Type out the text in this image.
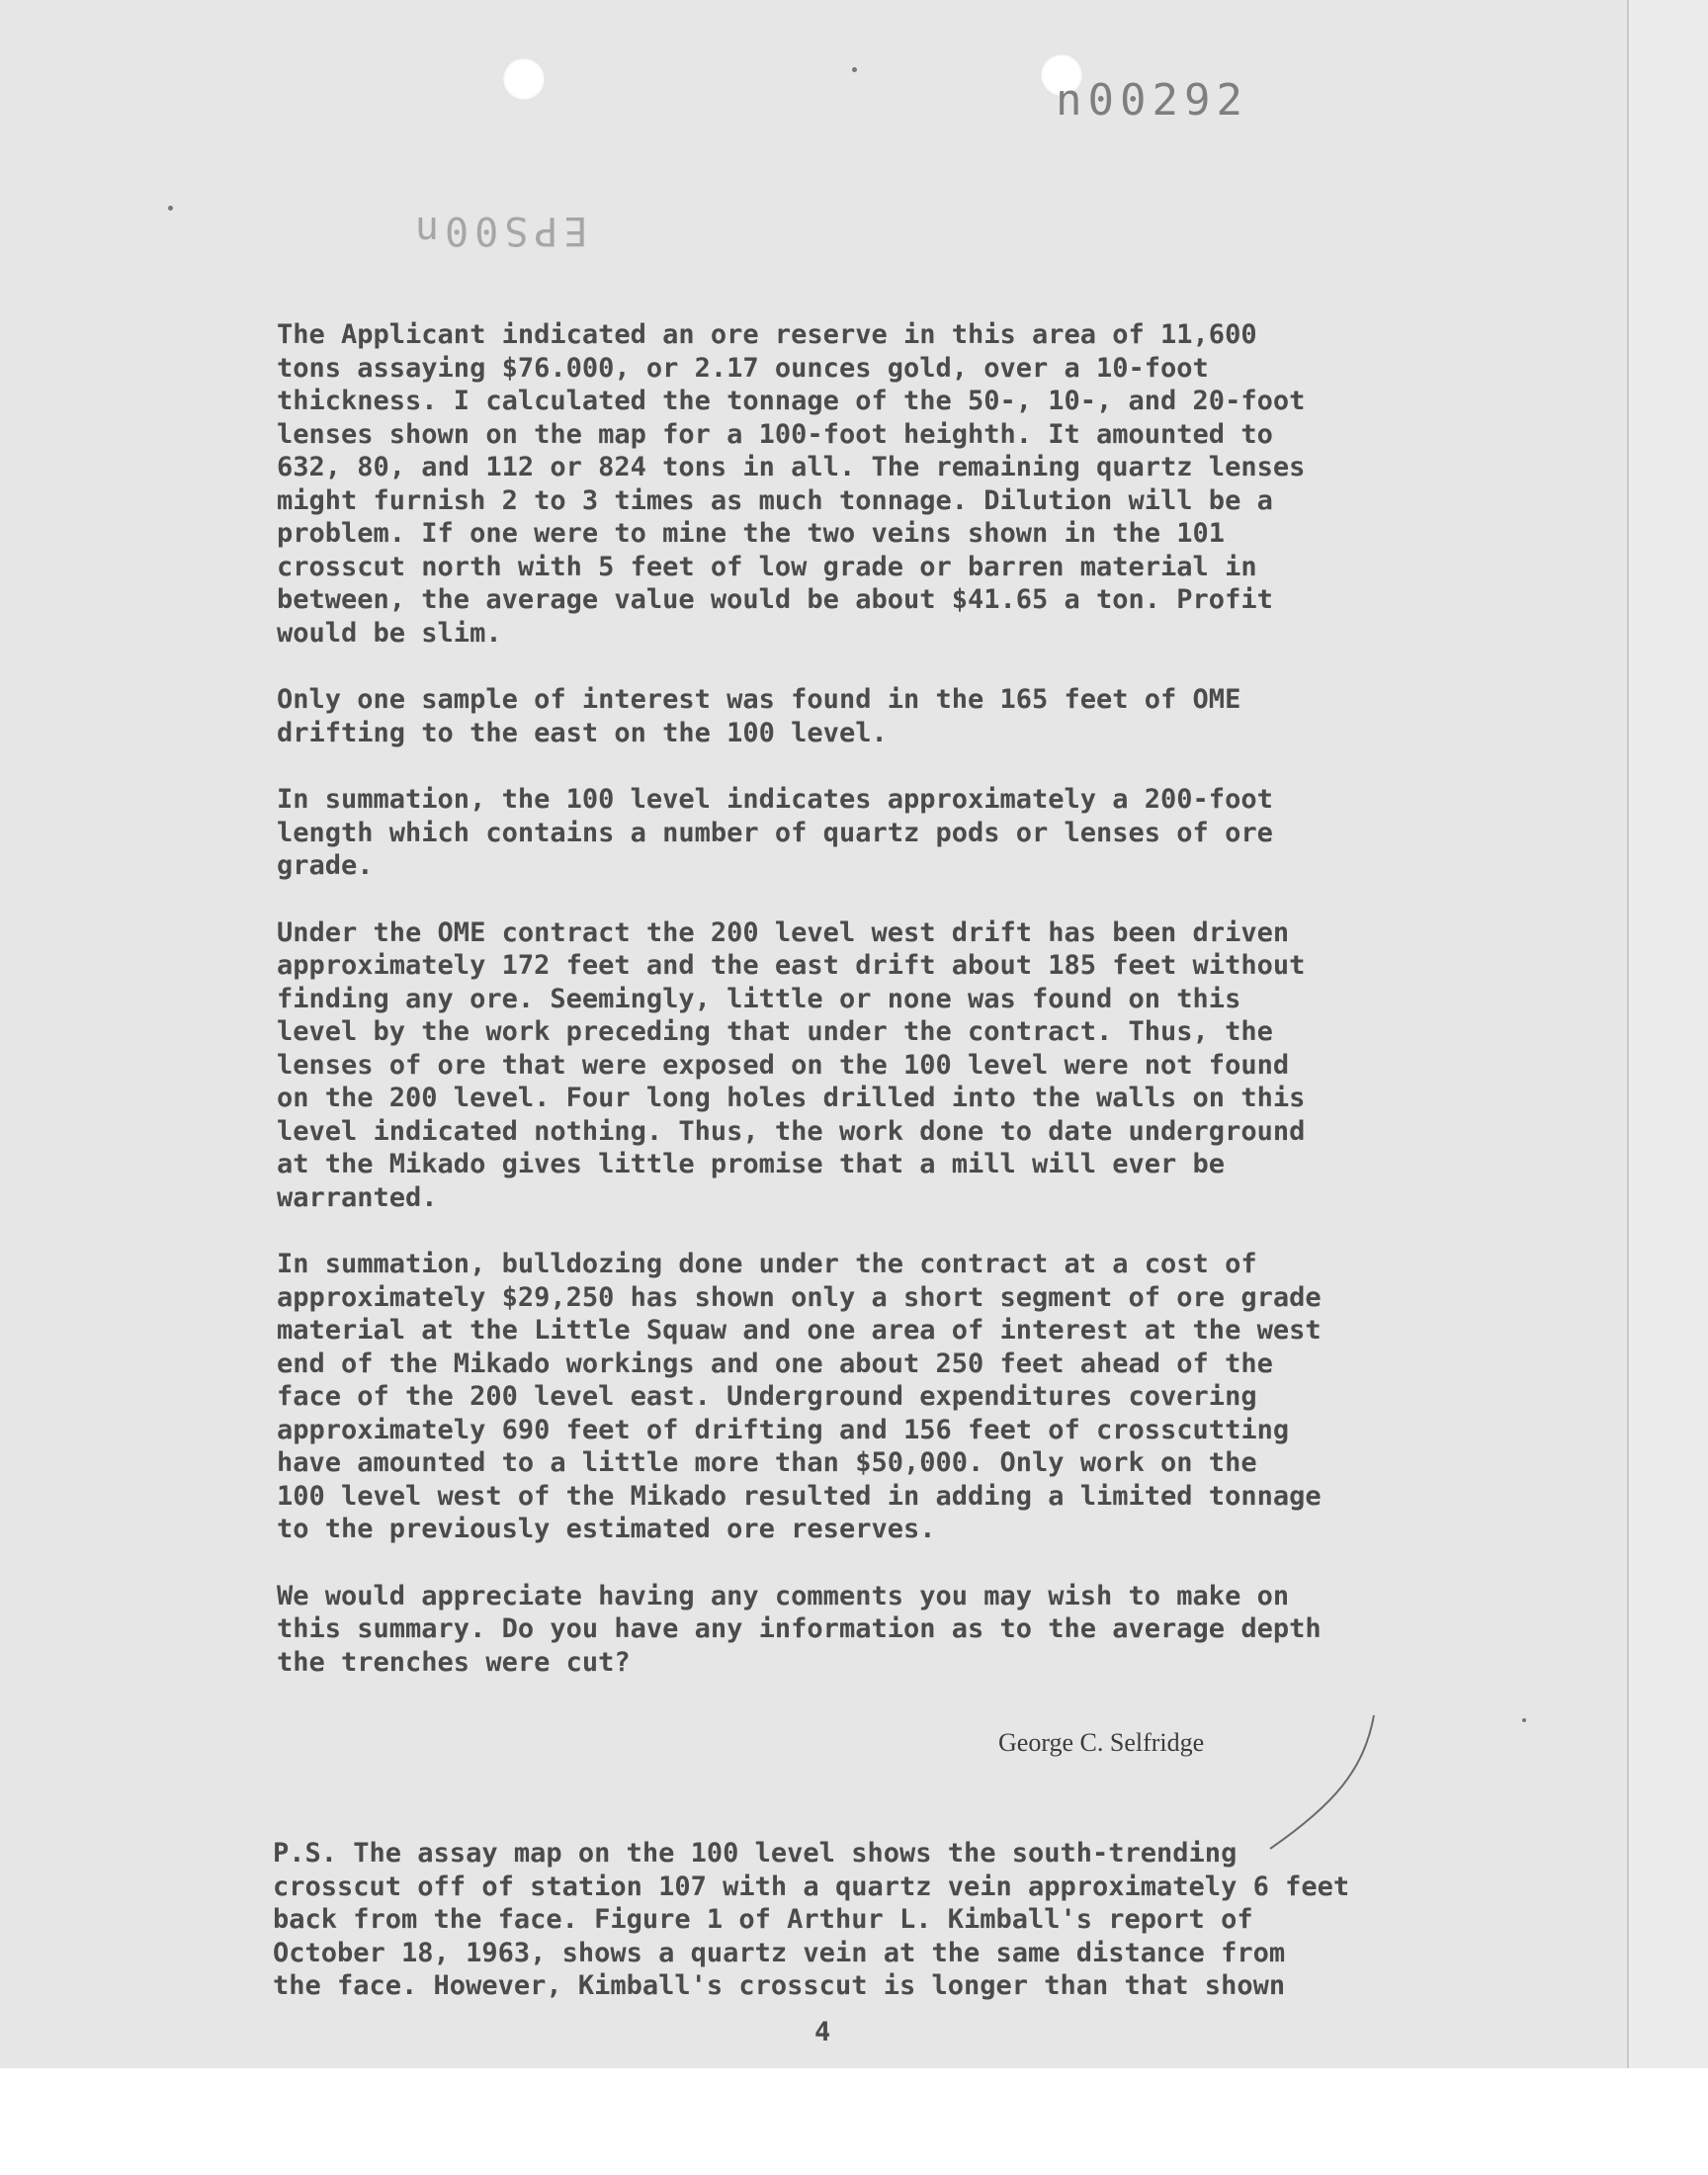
n00292
EPS00n

The Applicant indicated an ore reserve in this area of 11,600
tons assaying $76.000, or 2.17 ounces gold, over a 10-foot
thickness. I calculated the tonnage of the 50-, 10-, and 20-foot
lenses shown on the map for a 100-foot heighth. It amounted to
632, 80, and 112 or 824 tons in all. The remaining quartz lenses
might furnish 2 to 3 times as much tonnage. Dilution will be a
problem. If one were to mine the two veins shown in the 101
crosscut north with 5 feet of low grade or barren material in
between, the average value would be about $41.65 a ton. Profit
would be slim.

Only one sample of interest was found in the 165 feet of OME
drifting to the east on the 100 level.

In summation, the 100 level indicates approximately a 200-foot
length which contains a number of quartz pods or lenses of ore
grade.

Under the OME contract the 200 level west drift has been driven
approximately 172 feet and the east drift about 185 feet without
finding any ore. Seemingly, little or none was found on this
level by the work preceding that under the contract. Thus, the
lenses of ore that were exposed on the 100 level were not found
on the 200 level. Four long holes drilled into the walls on this
level indicated nothing. Thus, the work done to date underground
at the Mikado gives little promise that a mill will ever be
warranted.

In summation, bulldozing done under the contract at a cost of
approximately $29,250 has shown only a short segment of ore grade
material at the Little Squaw and one area of interest at the west
end of the Mikado workings and one about 250 feet ahead of the
face of the 200 level east. Underground expenditures covering
approximately 690 feet of drifting and 156 feet of crosscutting
have amounted to a little more than $50,000. Only work on the
100 level west of the Mikado resulted in adding a limited tonnage
to the previously estimated ore reserves.

We would appreciate having any comments you may wish to make on
this summary. Do you have any information as to the average depth
the trenches were cut?

George C. Selfridge
P.S. The assay map on the 100 level shows the south-trending
crosscut off of station 107 with a quartz vein approximately 6 feet
back from the face. Figure 1 of Arthur L. Kimball's report of
October 18, 1963, shows a quartz vein at the same distance from
the face. However, Kimball's crosscut is longer than that shown
4
